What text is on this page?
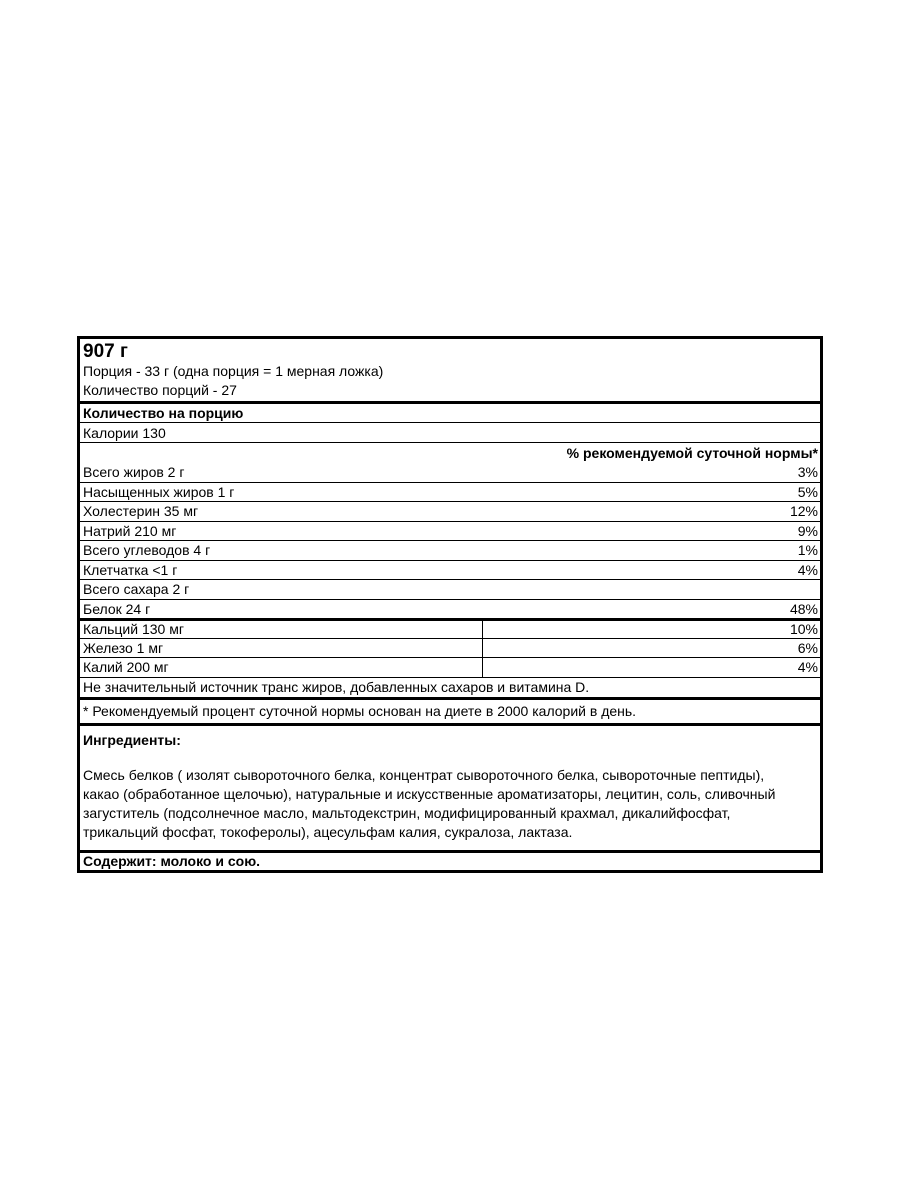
907 г
Порция - 33 г (одна порция = 1 мерная ложка)
Количество порций - 27
Количество на порцию
Калории 130
% рекомендуемой суточной нормы*
Всего жиров 2 г	3%
Насыщенных жиров 1 г	5%
Холестерин 35 мг	12%
Натрий 210 мг	9%
Всего углеводов 4 г	1%
Клетчатка <1 г	4%
Всего сахара 2 г
Белок 24 г	48%
Кальций 130 мг	10%
Железо 1 мг	6%
Калий 200 мг	4%
Не значительный источник транс жиров, добавленных сахаров и витамина D.
* Рекомендуемый процент суточной нормы основан на диете в 2000 калорий в день.
Ингредиенты:
Смесь белков ( изолят сывороточного белка, концентрат сывороточного белка, сывороточные пептиды),
какао (обработанное щелочью), натуральные и искусственные ароматизаторы, лецитин, соль, сливочный
загуститель (подсолнечное масло, мальтодекстрин, модифицированный крахмал, дикалийфосфат,
трикальций фосфат, токоферолы), ацесульфам калия, сукралоза, лактаза.
Содержит: молоко и сою.
